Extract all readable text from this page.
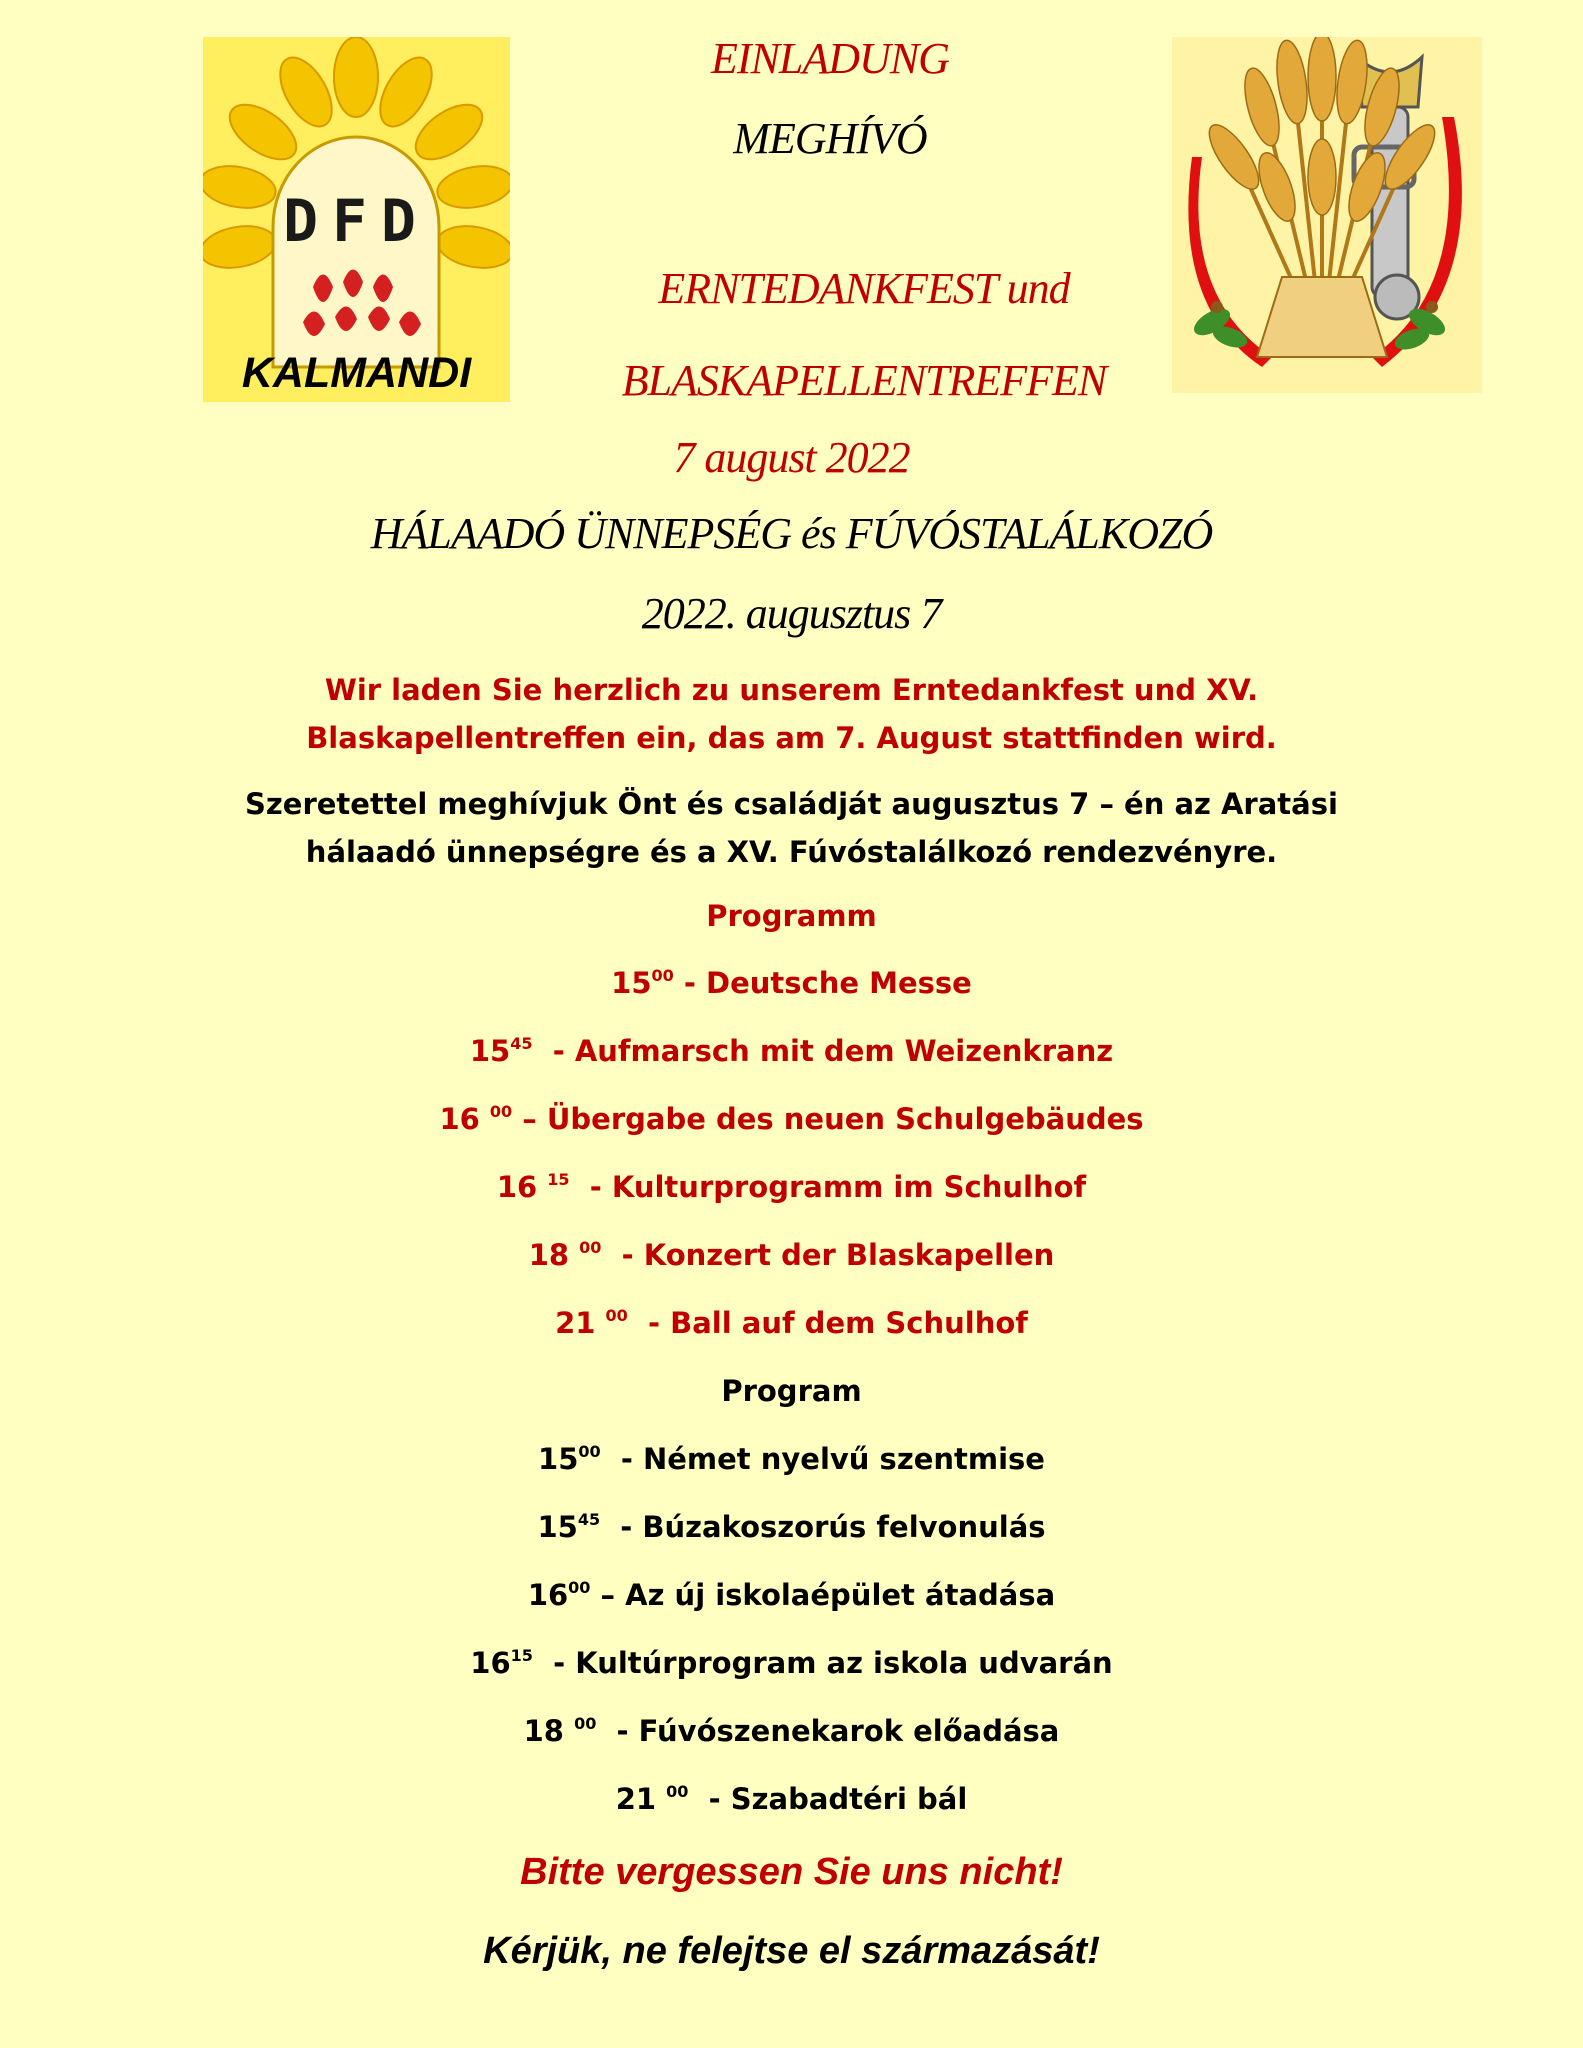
DFD
KALMANDI
EINLADUNG
MEGHÍVÓ
ERNTEDANKFEST und
BLASKAPELLENTREFFEN
7 august 2022
HÁLAADÓ ÜNNEPSÉG és FÚVÓSTALÁLKOZÓ
2022. augusztus 7
Wir laden Sie herzlich zu unserem Erntedankfest und XV.
Blaskapellentreffen ein, das am 7. August stattfinden wird.
Szeretettel meghívjuk Önt és családját augusztus 7 – én az Aratási
hálaadó ünnepségre és a XV. Fúvóstalálkozó rendezvényre.
Programm
$15^{00}$ - Deutsche Messe
$15^{45}$  - Aufmarsch mit dem Weizenkranz
16 $^{00}$ – Übergabe des neuen Schulgebäudes
16 $^{15}$  - Kulturprogramm im Schulhof
18 $^{00}$  - Konzert der Blaskapellen
21 $^{00}$  - Ball auf dem Schulhof
Program
$15^{00}$  - Német nyelvű szentmise
$15^{45}$  - Búzakoszorús felvonulás
$16^{00}$ – Az új iskolaépület átadása
$16^{15}$  - Kultúrprogram az iskola udvarán
18 $^{00}$  - Fúvószenekarok előadása
21 $^{00}$  - Szabadtéri bál
Bitte vergessen Sie uns nicht!
Kérjük, ne felejtse el származását!
